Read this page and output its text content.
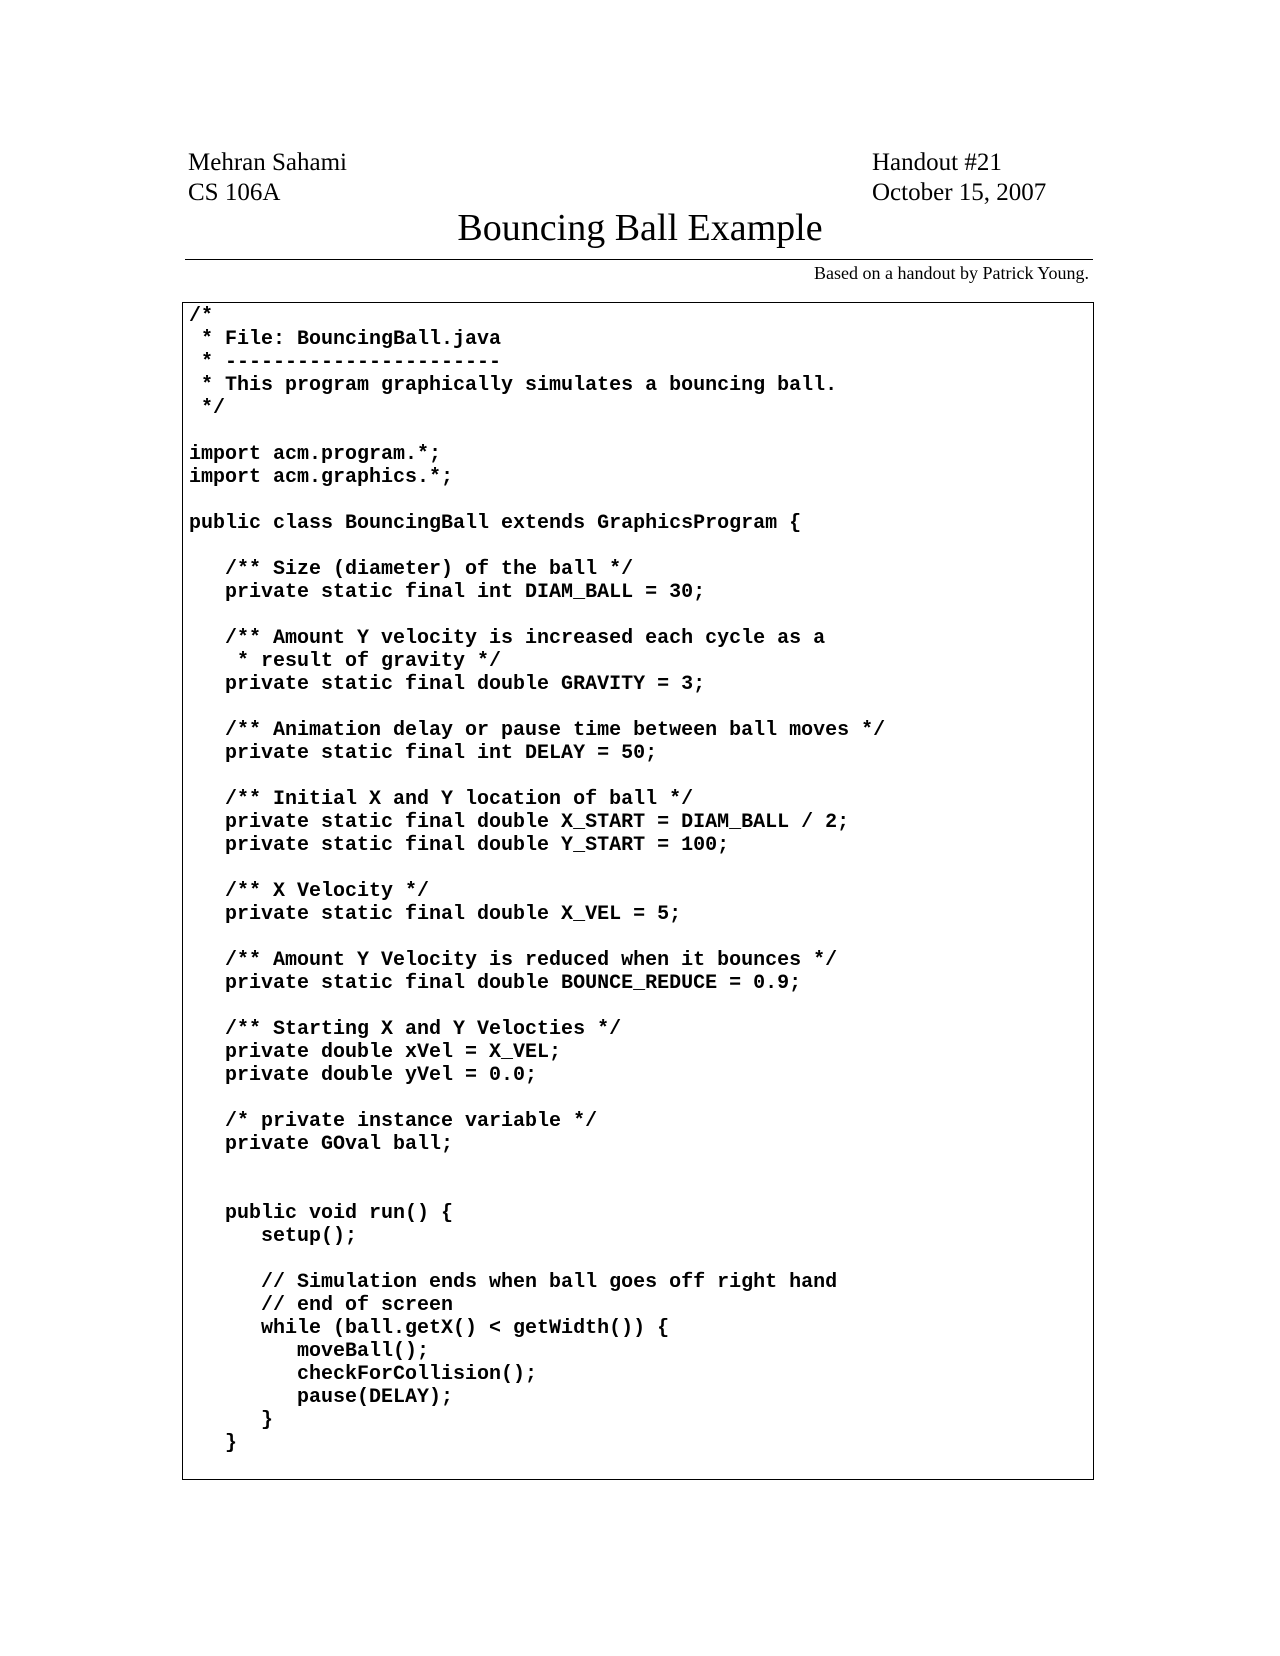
Mehran Sahami
CS 106A
Handout #21
October 15, 2007
Bouncing Ball Example
Based on a handout by Patrick Young.
/*
* File: BouncingBall.java
* -----------------------
* This program graphically simulates a bouncing ball.
*/
import acm.program.*;
import acm.graphics.*;
public class BouncingBall extends GraphicsProgram {
/** Size (diameter) of the ball */
private static final int DIAM_BALL = 30;
/** Amount Y velocity is increased each cycle as a
* result of gravity */
private static final double GRAVITY = 3;
/** Animation delay or pause time between ball moves */
private static final int DELAY = 50;
/** Initial X and Y location of ball */
private static final double X_START = DIAM_BALL / 2;
private static final double Y_START = 100;
/** X Velocity */
private static final double X_VEL = 5;
/** Amount Y Velocity is reduced when it bounces */
private static final double BOUNCE_REDUCE = 0.9;
/** Starting X and Y Velocties */
private double xVel = X_VEL;
private double yVel = 0.0;
/* private instance variable */
private GOval ball;
public void run() {
setup();
// Simulation ends when ball goes off right hand
// end of screen
while (ball.getX() < getWidth()) {
moveBall();
checkForCollision();
pause(DELAY);
}
}
